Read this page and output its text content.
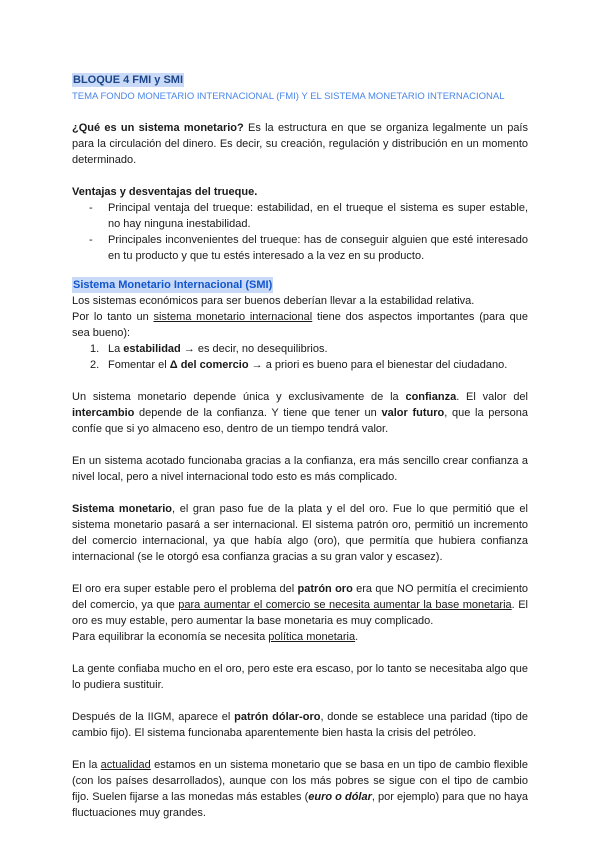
BLOQUE 4 FMI y SMI

TEMA FONDO MONETARIO INTERNACIONAL (FMI) Y EL SISTEMA MONETARIO INTERNACIONAL

¿Qué es un sistema monetario? Es la estructura en que se organiza legalmente un país para la circulación del dinero. Es decir, su creación, regulación y distribución en un momento determinado.

Ventajas y desventajas del trueque.

- Principal ventaja del trueque: estabilidad, en el trueque el sistema es super estable, no hay ninguna inestabilidad.
- Principales inconvenientes del trueque: has de conseguir alguien que esté interesado en tu producto y que tu estés interesado a la vez en su producto.
Sistema Monetario Internacional (SMI)

Los sistemas económicos para ser buenos deberían llevar a la estabilidad relativa.

Por lo tanto un sistema monetario internacional tiene dos aspectos importantes (para que sea bueno):

1. La estabilidad → es decir, no desequilibrios.
2. Fomentar el Δ del comercio → a priori es bueno para el bienestar del ciudadano.

Un sistema monetario depende única y exclusivamente de la confianza. El valor del intercambio depende de la confianza. Y tiene que tener un valor futuro, que la persona confíe que si yo almaceno eso, dentro de un tiempo tendrá valor.

En un sistema acotado funcionaba gracias a la confianza, era más sencillo crear confianza a nivel local, pero a nivel internacional todo esto es más complicado.

Sistema monetario, el gran paso fue de la plata y el del oro. Fue lo que permitió que el sistema monetario pasará a ser internacional. El sistema patrón oro, permitió un incremento del comercio internacional, ya que había algo (oro), que permitía que hubiera confianza internacional (se le otorgó esa confianza gracias a su gran valor y escasez).

El oro era super estable pero el problema del patrón oro era que NO permitía el crecimiento del comercio, ya que para aumentar el comercio se necesita aumentar la base monetaria. El oro es muy estable, pero aumentar la base monetaria es muy complicado.

Para equilibrar la economía se necesita política monetaria.

La gente confiaba mucho en el oro, pero este era escaso, por lo tanto se necesitaba algo que lo pudiera sustituir.

Después de la IIGM, aparece el patrón dólar-oro, donde se establece una paridad (tipo de cambio fijo). El sistema funcionaba aparentemente bien hasta la crisis del petróleo.

En la actualidad estamos en un sistema monetario que se basa en un tipo de cambio flexible (con los países desarrollados), aunque con los más pobres se sigue con el tipo de cambio fijo. Suelen fijarse a las monedas más estables (euro o dólar, por ejemplo) para que no haya fluctuaciones muy grandes.
